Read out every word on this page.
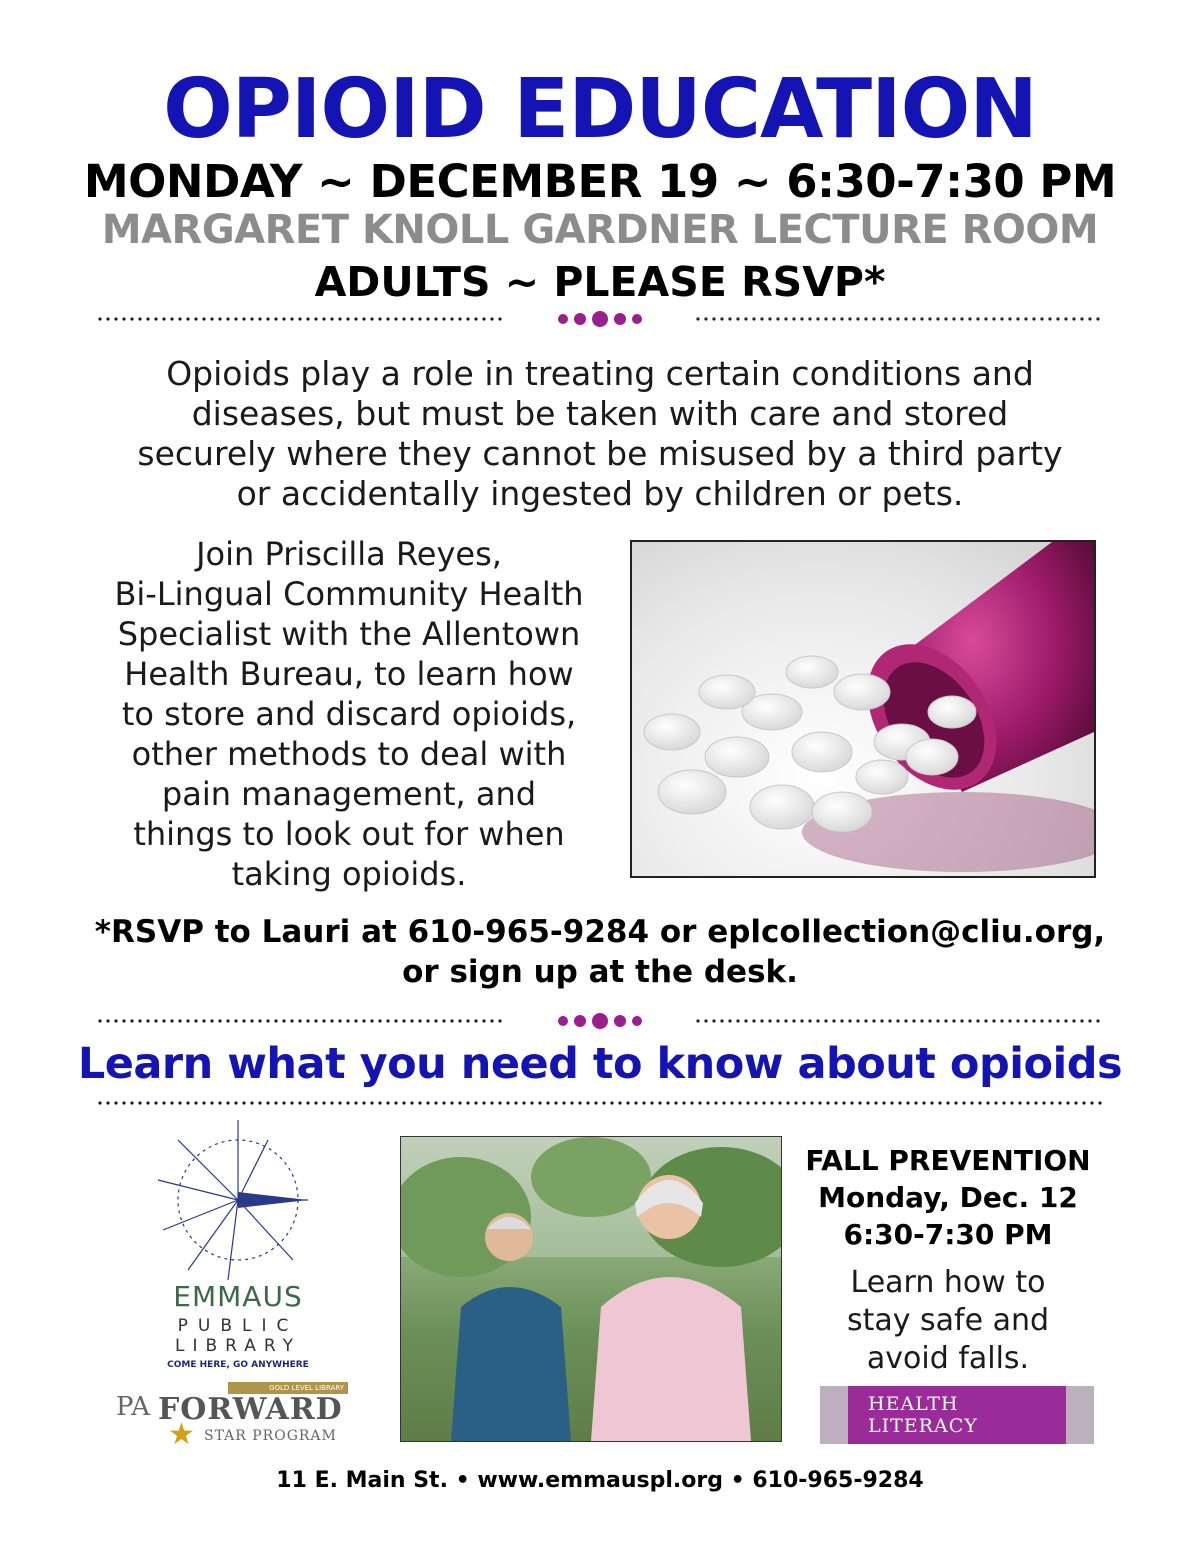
OPIOID EDUCATION
MONDAY ~ DECEMBER 19 ~ 6:30-7:30 PM
MARGARET KNOLL GARDNER LECTURE ROOM
ADULTS ~ PLEASE RSVP*
Opioids play a role in treating certain conditions and
diseases, but must be taken with care and stored
securely where they cannot be misused by a third party
or accidentally ingested by children or pets.
Join Priscilla Reyes,
Bi-Lingual Community Health
Specialist with the Allentown
Health Bureau, to learn how
to store and discard opioids,
other methods to deal with
pain management, and
things to look out for when
taking opioids.
*RSVP to Lauri at 610-965-9284 or eplcollection@cliu.org,
or sign up at the desk.
Learn what you need to know about opioids
EMMAUS
PUBLIC
LIBRARY
COME HERE, GO ANYWHERE
GOLD LEVEL LIBRARY
PA FORWARD
★ STAR PROGRAM
FALL PREVENTION
Monday, Dec. 12
6:30-7:30 PM
Learn how to
stay safe and
avoid falls.
HEALTH
LITERACY
11 E. Main St. • www.emmauspl.org • 610-965-9284
